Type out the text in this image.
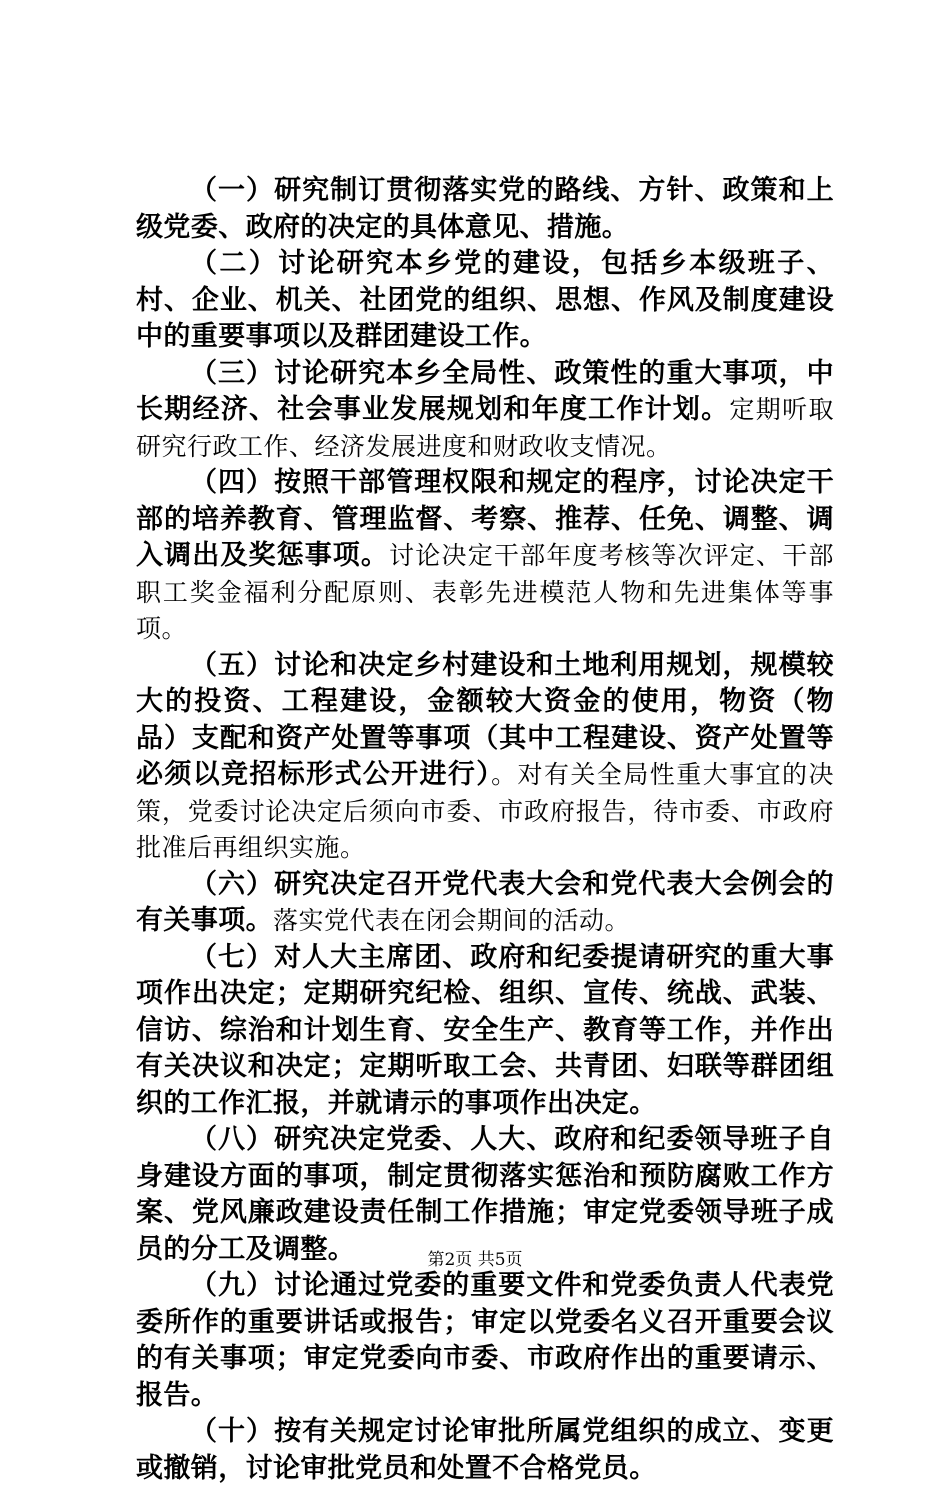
（一）研究制订贯彻落实党的路线、方针、政策和上级党委、政府的决定的具体意见、措施。

（二）讨论研究本乡党的建设，包括乡本级班子、村、企业、机关、社团党的组织、思想、作风及制度建设中的重要事项以及群团建设工作。

（三）讨论研究本乡全局性、政策性的重大事项，中长期经济、社会事业发展规划和年度工作计划。定期听取研究行政工作、经济发展进度和财政收支情况。

（四）按照干部管理权限和规定的程序，讨论决定干部的培养教育、管理监督、考察、推荐、任免、调整、调入调出及奖惩事项。讨论决定干部年度考核等次评定、干部职工奖金福利分配原则、表彰先进模范人物和先进集体等事项。

（五）讨论和决定乡村建设和土地利用规划，规模较大的投资、工程建设，金额较大资金的使用，物资（物品）支配和资产处置等事项（其中工程建设、资产处置等必须以竞招标形式公开进行）。对有关全局性重大事宜的决策，党委讨论决定后须向市委、市政府报告，待市委、市政府批准后再组织实施。

（六）研究决定召开党代表大会和党代表大会例会的有关事项。落实党代表在闭会期间的活动。

（七）对人大主席团、政府和纪委提请研究的重大事项作出决定；定期研究纪检、组织、宣传、统战、武装、信访、综治和计划生育、安全生产、教育等工作，并作出有关决议和决定；定期听取工会、共青团、妇联等群团组织的工作汇报，并就请示的事项作出决定。

（八）研究决定党委、人大、政府和纪委领导班子自身建设方面的事项，制定贯彻落实惩治和预防腐败工作方案、党风廉政建设责任制工作措施；审定党委领导班子成员的分工及调整。

（九）讨论通过党委的重要文件和党委负责人代表党委所作的重要讲话或报告；审定以党委名义召开重要会议的有关事项；审定党委向市委、市政府作出的重要请示、报告。

（十）按有关规定讨论审批所属党组织的成立、变更或撤销，讨论审批党员和处置不合格党员。

第2页 共5页
